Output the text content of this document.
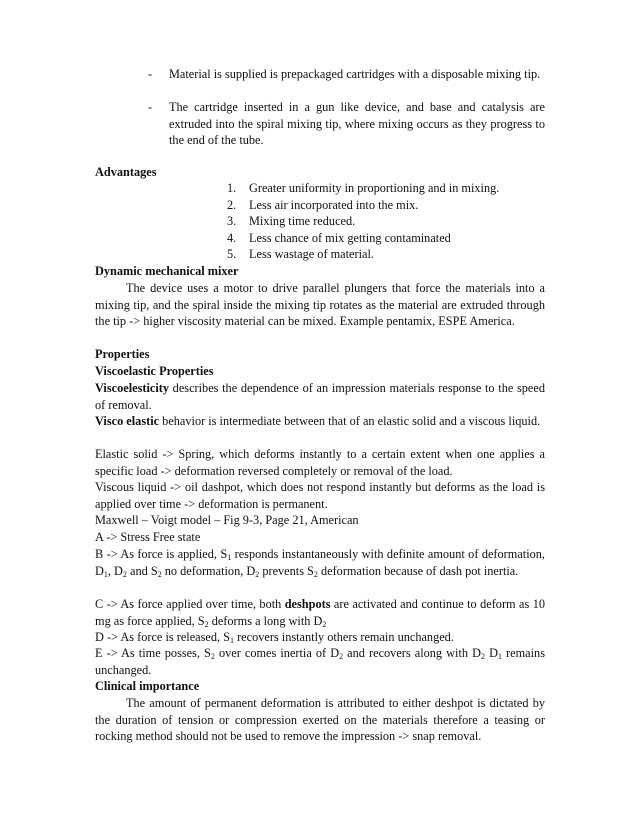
- Material is supplied is prepackaged cartridges with a disposable mixing tip.

- The cartridge inserted in a gun like device, and base and catalysis are extruded into the spiral mixing tip, where mixing occurs as they progress to the end of the tube.

Advantages

1. Greater uniformity in proportioning and in mixing.
2. Less air incorporated into the mix.
3. Mixing time reduced.
4. Less chance of mix getting contaminated
5. Less wastage of material.

Dynamic mechanical mixer

The device uses a motor to drive parallel plungers that force the materials into a mixing tip, and the spiral inside the mixing tip rotates as the material are extruded through the tip -> higher viscosity material can be mixed. Example pentamix, ESPE America.

Properties

Viscoelastic Properties

Viscoelesticity describes the dependence of an impression materials response to the speed of removal.

Visco elastic behavior is intermediate between that of an elastic solid and a viscous liquid.

Elastic solid -> Spring, which deforms instantly to a certain extent when one applies a specific load -> deformation reversed completely or removal of the load.

Viscous liquid -> oil dashpot, which does not respond instantly but deforms as the load is applied over time -> deformation is permanent.

Maxwell – Voigt model – Fig 9-3, Page 21, American

A -> Stress Free state

B -> As force is applied, $S_1$ responds instantaneously with definite amount of deformation, $D_1$, $D_2$ and $S_2$ no deformation, $D_2$ prevents $S_2$ deformation because of dash pot inertia.

C -> As force applied over time, both deshpots are activated and continue to deform as 10 mg as force applied, $S_2$ deforms a long with $D_2$

D -> As force is released, $S_1$ recovers instantly others remain unchanged.

E -> As time posses, $S_2$ over comes inertia of $D_2$ and recovers along with $D_2$ $D_1$ remains unchanged.

Clinical importance

The amount of permanent deformation is attributed to either deshpot is dictated by the duration of tension or compression exerted on the materials therefore a teasing or rocking method should not be used to remove the impression -> snap removal.
